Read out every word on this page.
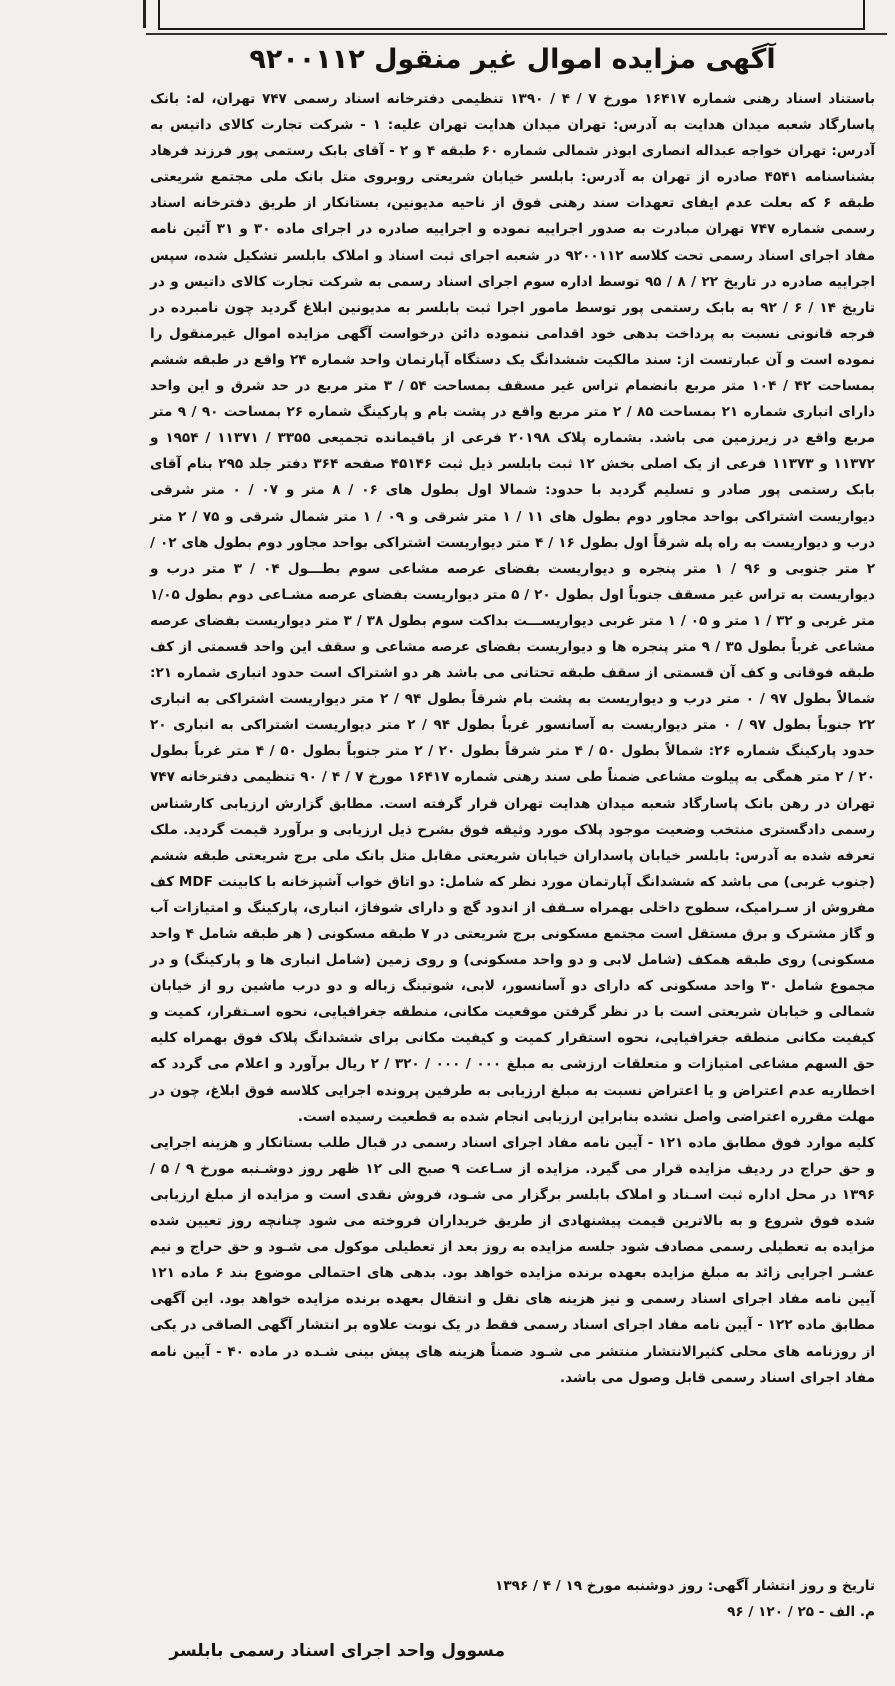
آگهی مزایده اموال غیر منقول ۹۲۰۰۱۱۲

باستناد اسناد رهنی شماره ۱۶۴۱۷ مورخ ۷ / ۴ / ۱۳۹۰ تنظیمی دفترخانه اسناد رسمی ۷۴۷ تهران، له: بانک پاسارگاد شعبه میدان هدایت به آدرس: تهران میدان هدایت تهران علیه: ۱ - شرکت تجارت کالای داتیس به آدرس: تهران خواجه عبداله انصاری ابوذر شمالی شماره ۶۰ طبقه ۴ و ۲ - آقای بابک رستمی پور فرزند فرهاد بشناسنامه ۴۵۴۱ صادره از تهران به آدرس: بابلسر خیابان شریعتی روبروی متل بانک ملی مجتمع شریعتی طبقه ۶ که بعلت عدم ایفای تعهدات سند رهنی فوق از ناحیه مدیونین، بستانکار از طریق دفترخانه اسناد رسمی شماره ۷۴۷ تهران مبادرت به صدور اجراییه نموده و اجراییه صادره در اجرای ماده ۳۰ و ۳۱ آئین نامه مفاد اجرای اسناد رسمی تحت کلاسه ۹۲۰۰۱۱۲ در شعبه اجرای ثبت اسناد و املاک بابلسر تشکیل شده، سپس اجراییه صادره در تاریخ ۲۲ / ۸ / ۹۵ توسط اداره سوم اجرای اسناد رسمی به شرکت تجارت کالای داتیس و در تاریخ ۱۴ / ۶ / ۹۲ به بابک رستمی پور توسط مامور اجرا ثبت بابلسر به مدیونین ابلاغ گردید چون نامبرده در فرجه قانونی نسبت به پرداخت بدهی خود اقدامی ننموده دائن درخواست آگهی مزایده اموال غیرمنقول را نموده است و آن عبارتست از: سند مالکیت ششدانگ یک دستگاه آپارتمان واحد شماره ۲۴ واقع در طبقه ششم بمساحت ۴۲ / ۱۰۴ متر مربع بانضمام تراس غیر مسقف بمساحت ۵۴ / ۳ متر مربع در حد شرق و این واحد دارای انباری شماره ۲۱ بمساحت ۸۵ / ۲ متر مربع واقع در پشت بام و پارکینگ شماره ۲۶ بمساحت ۹۰ / ۹ متر مربع واقع در زیرزمین می باشد. بشماره پلاک ۲۰۱۹۸ فرعی از باقیمانده تجمیعی ۳۳۵۵ / ۱۱۳۷۱ / ۱۹۵۴ و ۱۱۳۷۲ و ۱۱۳۷۳ فرعی از یک اصلی بخش ۱۲ ثبت بابلسر ذیل ثبت ۴۵۱۴۶ صفحه ۳۶۴ دفتر جلد ۲۹۵ بنام آقای بابک رستمی پور صادر و تسلیم گردید با حدود: شمالا اول بطول های ۰۶ / ۸ متر و ۰۷ / ۰ متر شرقی دیواریست اشتراکی بواحد مجاور دوم بطول های ۱۱ / ۱ متر شرقی و ۰۹ / ۱ متر شمال شرقی و ۷۵ / ۲ متر درب و دیواریست به راه پله شرقاً اول بطول ۱۶ / ۴ متر دیواریست اشتراکی بواحد مجاور دوم بطول های ۰۲ / ۲ متر جنوبی و ۹۶ / ۱ متر پنجره و دیواریست بفضای عرصه مشاعی سوم بطـــول ۰۴ / ۳ متر درب و دیواریست به تراس غیر مسقف جنوباً اول بطول ۲۰ / ۵ متر دیواریست بفضای عرصه مشـاعی دوم بطول ۱/۰۵ متر غربی و ۳۲ / ۱ متر و ۰۵ / ۱ متر غربی دیواریســـت بداکت سوم بطول ۳۸ / ۳ متر دیواریست بفضای عرصه مشاعی غرباً بطول ۳۵ / ۹ متر پنجره ها و دیواریست بفضای عرصه مشاعی و سقف این واحد قسمتی از کف طبقه فوقانی و کف آن قسمتی از سقف طبقه تحتانی می باشد هر دو اشتراک است حدود انباری شماره ۲۱: شمالاً بطول ۹۷ / ۰ متر درب و دیواریست به پشت بام شرقاً بطول ۹۴ / ۲ متر دیواریست اشتراکی به انباری ۲۲ جنوباً بطول ۹۷ / ۰ متر دیواریست به آسانسور غرباً بطول ۹۴ / ۲ متر دیواریست اشتراکی به انباری ۲۰ حدود پارکینگ شماره ۲۶: شمالاً بطول ۵۰ / ۴ متر شرقاً بطول ۲۰ / ۲ متر جنوباً بطول ۵۰ / ۴ متر غرباً بطول ۲۰ / ۲ متر همگی به پیلوت مشاعی ضمناً طی سند رهنی شماره ۱۶۴۱۷ مورخ ۷ / ۴ / ۹۰ تنظیمی دفترخانه ۷۴۷ تهران در رهن بانک پاسارگاد شعبه میدان هدایت تهران قرار گرفته است. مطابق گزارش ارزیابی کارشناس رسمی دادگستری منتخب وضعیت موجود پلاک مورد وثیقه فوق بشرح ذیل ارزیابی و برآورد قیمت گردید. ملک تعرفه شده به آدرس: بابلسر خیابان پاسداران خیابان شریعتی مقابل متل بانک ملی برج شریعتی طبقه ششم (جنوب غربی) می باشد که ششدانگ آپارتمان مورد نظر که شامل: دو اتاق خواب آشپزخانه با کابینت MDF کف مفروش از سـرامیک، سطوح داخلی بهمراه سـقف از اندود گچ و دارای شوفاژ، انباری، پارکینگ و امتیازات آب و گاز مشترک و برق مستقل است مجتمع مسکونی برج شریعتی در ۷ طبقه مسکونی ( هر طبقه شامل ۴ واحد مسکونی) روی طبقه همکف (شامل لابی و دو واحد مسکونی) و روی زمین (شامل انباری ها و پارکینگ) و در مجموع شامل ۳۰ واحد مسکونی که دارای دو آسانسور، لابی، شوتینگ زباله و دو درب ماشین رو از خیابان شمالی و خیابان شریعتی است با در نظر گرفتن موقعیت مکانی، منطقه جغرافیایی، نحوه اسـتقرار، کمیت و کیفیت مکانی منطقه جغرافیایی، نحوه استقرار کمیت و کیفیت مکانی برای ششدانگ پلاک فوق بهمراه کلیه حق السهم مشاعی امتیازات و متعلقات ارزشی به مبلغ ۰۰۰ / ۰۰۰ / ۳۲۰ / ۲ ریال برآورد و اعلام می گردد که اخطاریه عدم اعتراض و یا اعتراض نسبت به مبلغ ارزیابی به طرفین پرونده اجرایی کلاسه فوق ابلاغ، چون در مهلت مقرره اعتراضی واصل نشده بنابراین ارزیابی انجام شده به قطعیت رسیده است.

کلیه موارد فوق مطابق ماده ۱۲۱ - آیین نامه مفاد اجرای اسناد رسمی در قبال طلب بستانکار و هزینه اجرایی و حق حراج در ردیف مزایده قرار می گیرد. مزایده از سـاعت ۹ صبح الی ۱۲ ظهر روز دوشـنبه مورخ ۹ / ۵ / ۱۳۹۶ در محل اداره ثبت اسـناد و املاک بابلسر برگزار می شـود، فروش نقدی است و مزایده از مبلغ ارزیابی شده فوق شروع و به بالاترین قیمت پیشنهادی از طریق خریداران فروخته می شود چنانچه روز تعیین شده مزایده به تعطیلی رسمی مصادف شود جلسه مزایده به روز بعد از تعطیلی موکول می شـود و حق حراج و نیم عشـر اجرایی زائد به مبلغ مزایده بعهده برنده مزایده خواهد بود. بدهی های احتمالی موضوع بند ۶ ماده ۱۲۱ آیین نامه مفاد اجرای اسناد رسمی و نیز هزینه های نقل و انتقال بعهده برنده مزایده خواهد بود. این آگهی مطابق ماده ۱۲۲ - آیین نامه مفاد اجرای اسناد رسمی فقط در یک نوبت علاوه بر انتشار آگهی الصاقی در یکی از روزنامه های محلی کثیرالانتشار منتشر می شـود ضمناً هزینه های پیش بینی شـده در ماده ۴۰ - آیین نامه مفاد اجرای اسناد رسمی قابل وصول می باشد.

تاریخ و روز انتشار آگهی: روز دوشنبه مورخ ۱۹ / ۴ / ۱۳۹۶
م. الف - ۲۵ / ۱۲۰ / ۹۶
مسوول واحد اجرای اسناد رسمی بابلسر
